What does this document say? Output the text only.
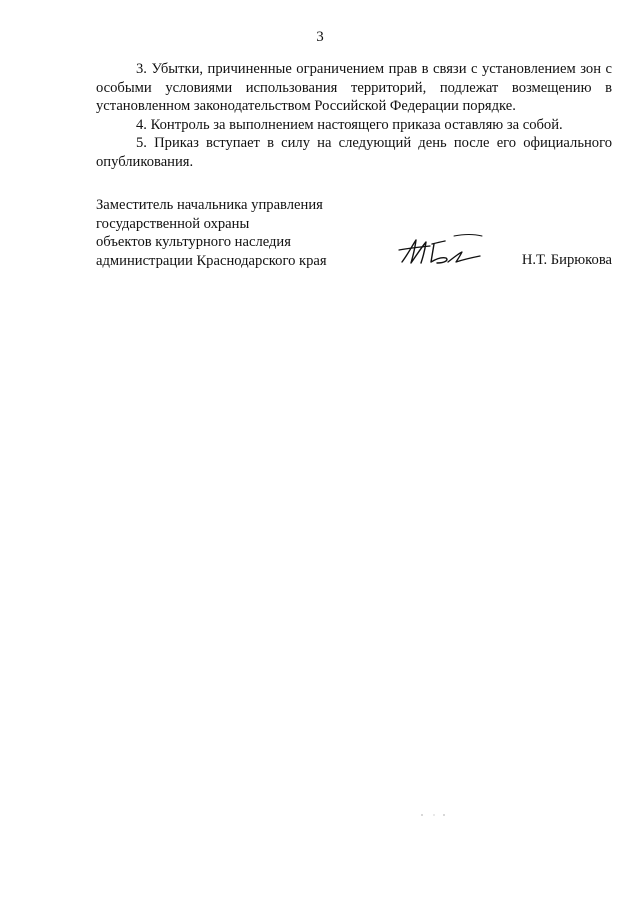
3

3. Убытки, причиненные ограничением прав в связи с установлением зон с особыми условиями использования территорий, подлежат возмещению в установленном законодательством Российской Федерации порядке.

4. Контроль за выполнением настоящего приказа оставляю за собой.

5. Приказ вступает в силу на следующий день после его официального опубликования.

Заместитель начальника управления
государственной охраны
объектов культурного наследия
администрации Краснодарского края	Н.Т. Бирюкова
